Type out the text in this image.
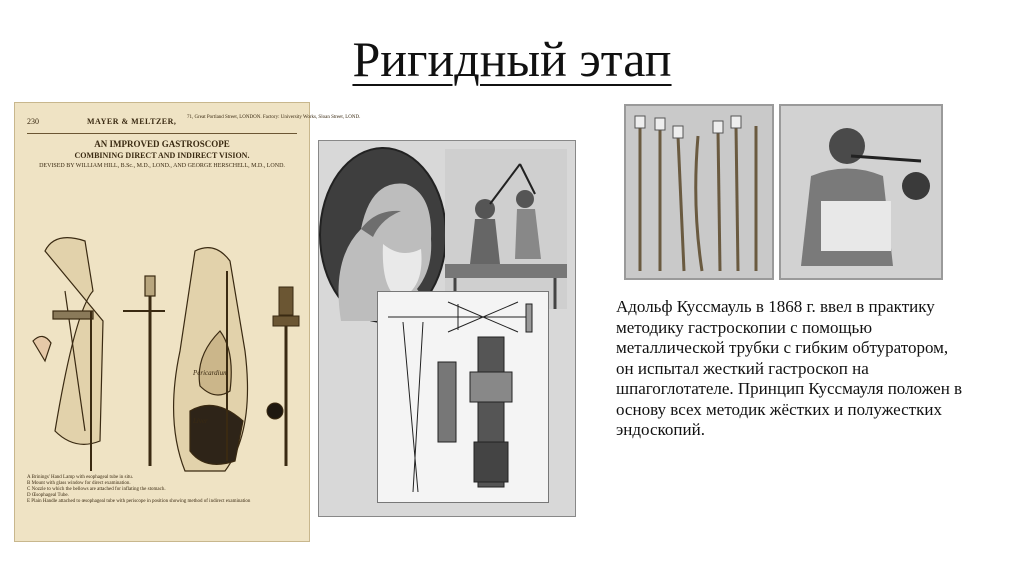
Ригидный этап
230	MAYER & MELTZER, 71, Great Portland Street, LONDON. Factory: University Works, Sloan Street, LOND.
AN IMPROVED GASTROSCOPE
COMBINING DIRECT AND INDIRECT VISION.
DEVISED BY WILLIAM HILL, B.Sc., M.D., LOND., AND GEORGE HERSCHELL, M.D., LOND.
Pericardium
Liver
A Brinings' Hand Lamp with esophageal tube in situ.
B Mount with glass window for direct examination.
C Nozzle to which the bellows are attached for inflating the stomach.
D Œsophageal Tube.
E Plain Handle attached to œsophageal tube with periscope in position showing method of indirect examination

Адольф Куссмауль в 1868 г. ввел в практику методику гастроскопии с помощью металлической трубки с гибким обтуратором, он испытал жесткий гастроскоп на шпагоглотателе. Принцип Куссмауля положен в основу всех методик жёстких и полужестких эндоскопий.
